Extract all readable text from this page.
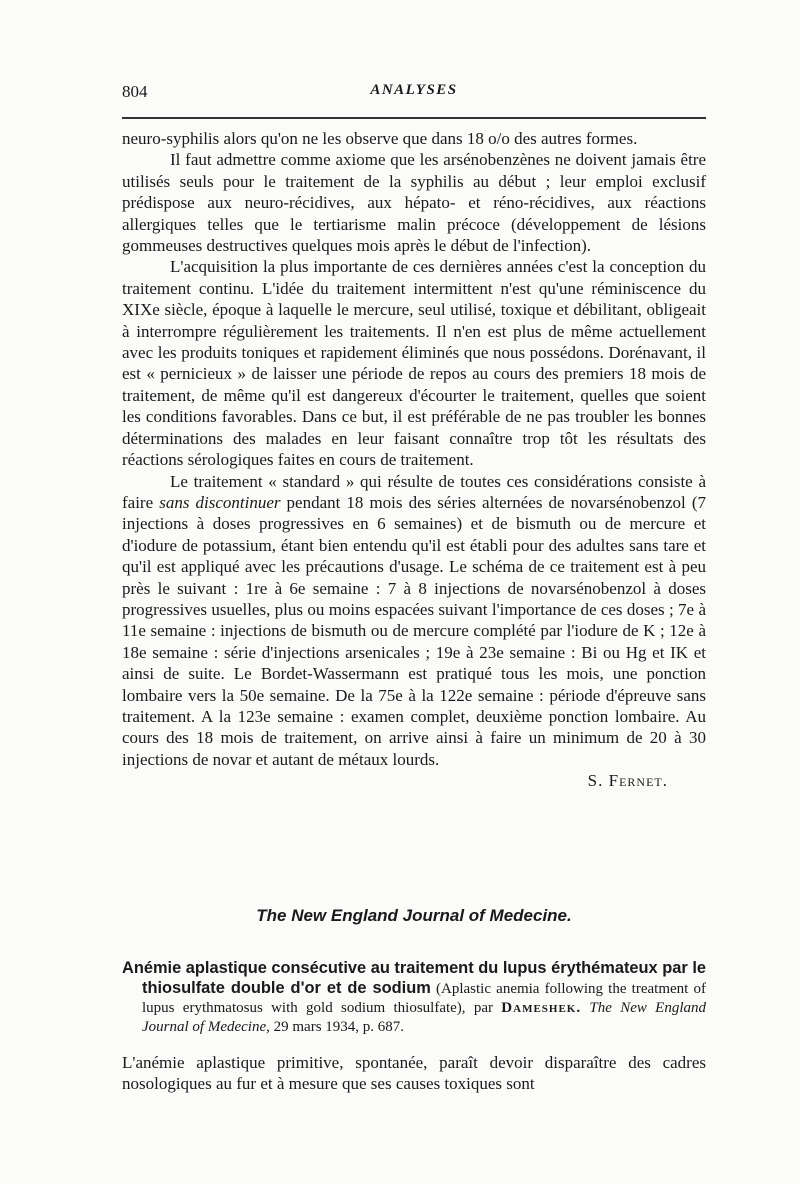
804	ANALYSES

neuro-syphilis alors qu'on ne les observe que dans 18 o/o des autres formes.

Il faut admettre comme axiome que les arsénobenzènes ne doivent jamais être utilisés seuls pour le traitement de la syphilis au début ; leur emploi exclusif prédispose aux neuro-récidives, aux hépato- et réno-récidives, aux réactions allergiques telles que le tertiarisme malin précoce (développement de lésions gommeuses destructives quelques mois après le début de l'infection).

L'acquisition la plus importante de ces dernières années c'est la conception du traitement continu. L'idée du traitement intermittent n'est qu'une réminiscence du XIXe siècle, époque à laquelle le mercure, seul utilisé, toxique et débilitant, obligeait à interrompre régulièrement les traitements. Il n'en est plus de même actuellement avec les produits toniques et rapidement éliminés que nous possédons. Dorénavant, il est « pernicieux » de laisser une période de repos au cours des premiers 18 mois de traitement, de même qu'il est dangereux d'écourter le traitement, quelles que soient les conditions favorables. Dans ce but, il est préférable de ne pas troubler les bonnes déterminations des malades en leur faisant connaître trop tôt les résultats des réactions sérologiques faites en cours de traitement.

Le traitement « standard » qui résulte de toutes ces considérations consiste à faire sans discontinuer pendant 18 mois des séries alternées de novarsénobenzol (7 injections à doses progressives en 6 semaines) et de bismuth ou de mercure et d'iodure de potassium, étant bien entendu qu'il est établi pour des adultes sans tare et qu'il est appliqué avec les précautions d'usage. Le schéma de ce traitement est à peu près le suivant : 1re à 6e semaine : 7 à 8 injections de novarsénobenzol à doses progressives usuelles, plus ou moins espacées suivant l'importance de ces doses ; 7e à 11e semaine : injections de bismuth ou de mercure complété par l'iodure de K ; 12e à 18e semaine : série d'injections arsenicales ; 19e à 23e semaine : Bi ou Hg et IK et ainsi de suite. Le Bordet-Wassermann est pratiqué tous les mois, une ponction lombaire vers la 50e semaine. De la 75e à la 122e semaine : période d'épreuve sans traitement. A la 123e semaine : examen complet, deuxième ponction lombaire. Au cours des 18 mois de traitement, on arrive ainsi à faire un minimum de 20 à 30 injections de novar et autant de métaux lourds.

S. Fernet.

The New England Journal of Medecine.

Anémie aplastique consécutive au traitement du lupus érythémateux par le thiosulfate double d'or et de sodium (Aplastic anemia following the treatment of lupus erythmatosus with gold sodium thiosulfate), par Dameshek. The New England Journal of Medecine, 29 mars 1934, p. 687.

L'anémie aplastique primitive, spontanée, paraît devoir disparaître des cadres nosologiques au fur et à mesure que ses causes toxiques sont
